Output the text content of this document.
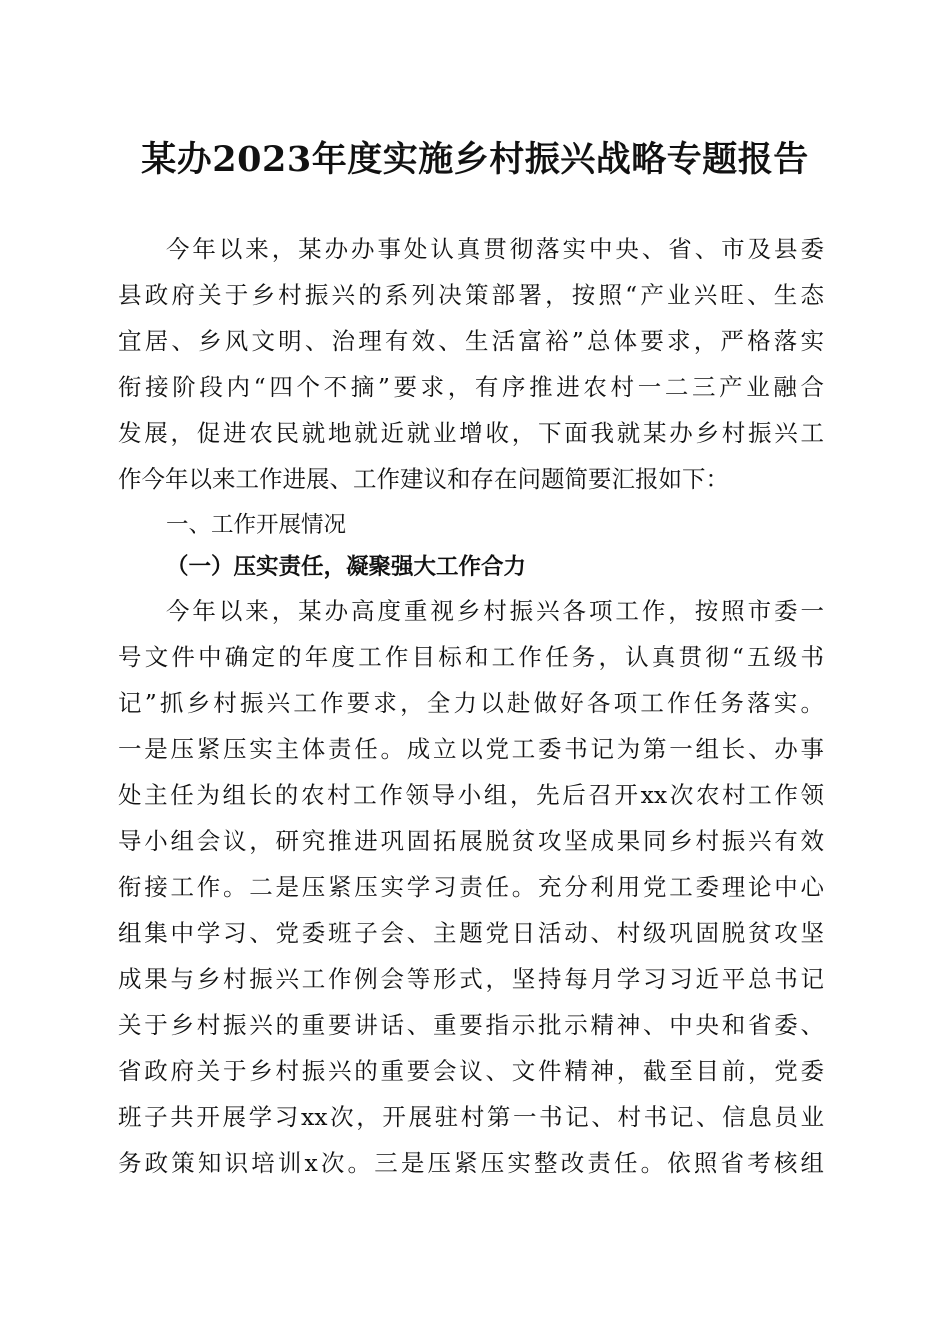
某办2023年度实施乡村振兴战略专题报告
今年以来，某办办事处认真贯彻落实中央、省、市及县委
县政府关于乡村振兴的系列决策部署，按照“产业兴旺、生态
宜居、乡风文明、治理有效、生活富裕”总体要求，严格落实
衔接阶段内“四个不摘”要求，有序推进农村一二三产业融合
发展，促进农民就地就近就业增收，下面我就某办乡村振兴工
作今年以来工作进展、工作建议和存在问题简要汇报如下：
一、工作开展情况
（一）压实责任，凝聚强大工作合力
今年以来，某办高度重视乡村振兴各项工作，按照市委一
号文件中确定的年度工作目标和工作任务，认真贯彻“五级书
记”抓乡村振兴工作要求，全力以赴做好各项工作任务落实。
一是压紧压实主体责任。成立以党工委书记为第一组长、办事
处主任为组长的农村工作领导小组，先后召开xx次农村工作领
导小组会议，研究推进巩固拓展脱贫攻坚成果同乡村振兴有效
衔接工作。二是压紧压实学习责任。充分利用党工委理论中心
组集中学习、党委班子会、主题党日活动、村级巩固脱贫攻坚
成果与乡村振兴工作例会等形式，坚持每月学习习近平总书记
关于乡村振兴的重要讲话、重要指示批示精神、中央和省委、
省政府关于乡村振兴的重要会议、文件精神，截至目前，党委
班子共开展学习xx次，开展驻村第一书记、村书记、信息员业
务政策知识培训x次。三是压紧压实整改责任。依照省考核组
